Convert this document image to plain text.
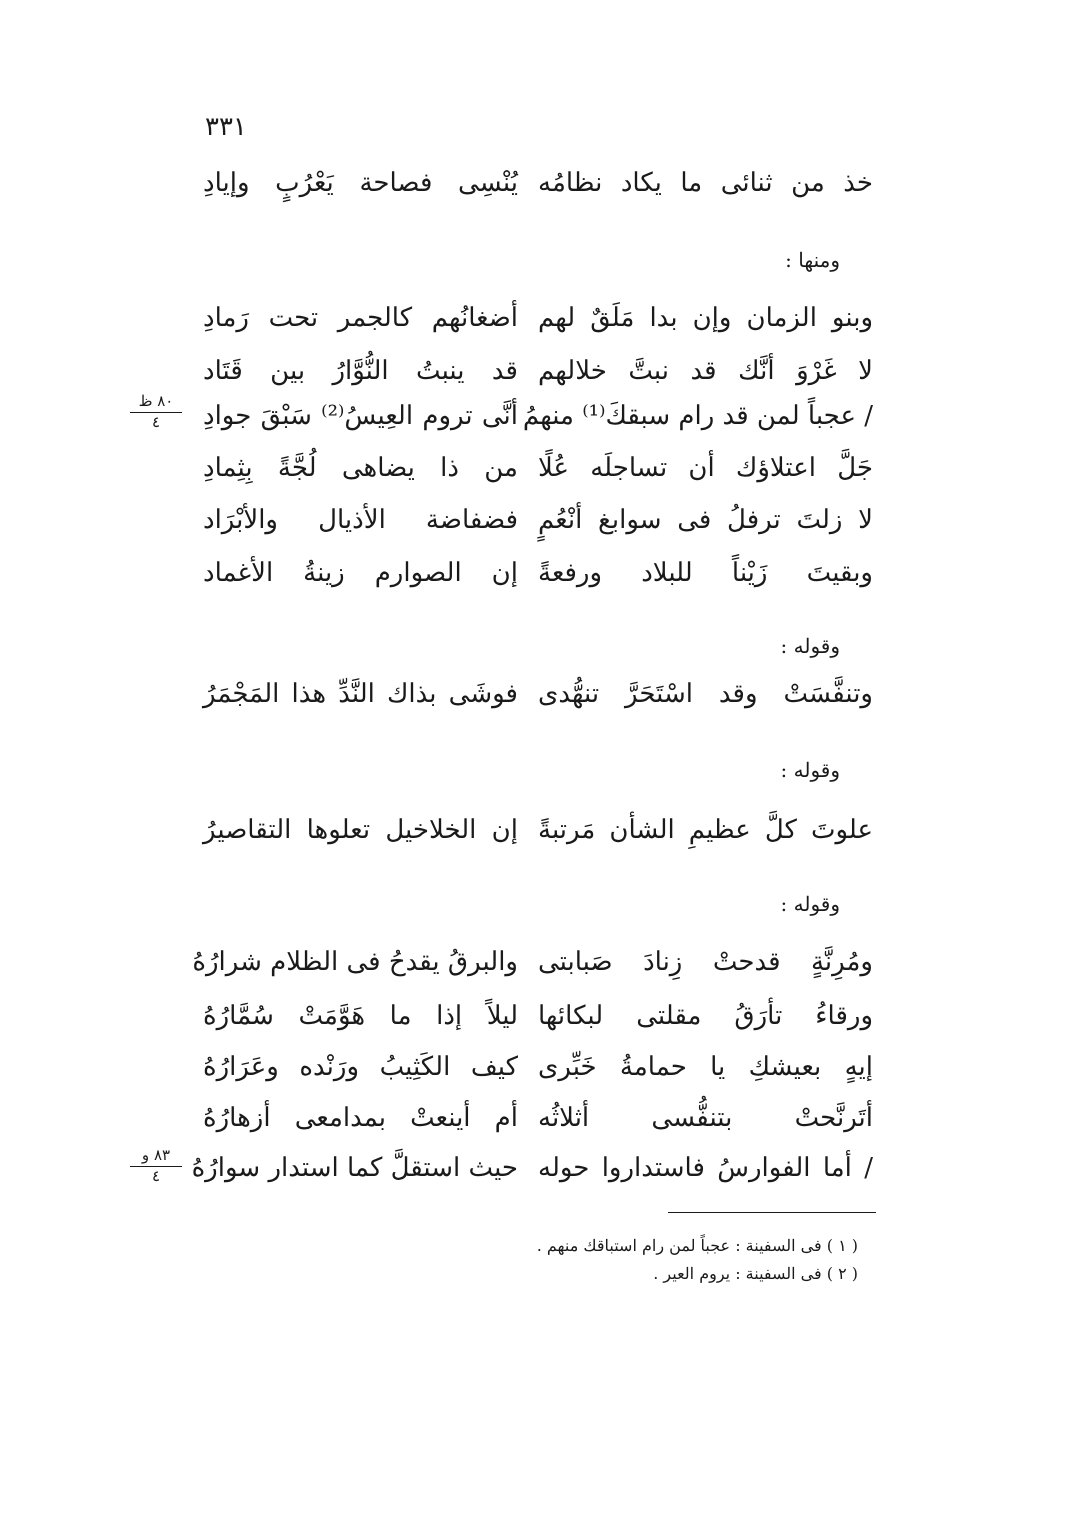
٣٣١
خذ من ثنائى ما يكاد نظامُه
يُنْسِى فصاحة يَعْرُبٍ وإيادِ
ومنها :
وبنو الزمان وإن بدا مَلَقٌ لهم
أضغانُهم كالجمر تحت رَمادِ
لا غَرْوَ أنَّك قد نبتَّ خلالهم
قد ينبتُ النُّوَّارُ بين قَتَاد
/ عجباً لمن قد رام سبقكَ⁽¹⁾ منهمُ
أنَّى تروم العِيسُ⁽²⁾ سَبْقَ جوادِ
٨٠ ظ
٤
جَلَّ اعتلاؤك أن تساجلَه عُلًا
من ذا يضاهى لُجَّةً بِثِمادِ
لا زلتَ ترفلُ فى سوابغ أنْعُمٍ
فضفاضة الأذيال والأبْرَاد
وبقيتَ زَيْناً للبلاد ورفعةً
إن الصوارم زينةُ الأغماد
وقوله :
وتنفَّسَتْ وقد اسْتَحَرَّ تنهُّدى
فوشَى بذاك النَّدِّ هذا المَجْمَرُ
وقوله :
علوتَ كلَّ عظيمِ الشأن مَرتبةً
إن الخلاخيل تعلوها التقاصيرُ
وقوله :
ومُرِنَّةٍ قدحتْ زِنادَ صَبابتى
والبرقُ يقدحُ فى الظلام شرارُهُ
ورقاءُ تأرَقُ مقلتى لبكائها
ليلاً إذا ما هَوَّمَتْ سُمَّارُهُ
إيهٍ بعيشكِ يا حمامةُ خَبِّرى
كيف الكَثِيبُ ورَنْده وعَرَارُهُ
أتَرنَّحتْ بتنفُّسى أثلاثُه
أم أينعتْ بمدامعى أزهارُهُ
/ أما الفوارسُ فاستداروا حوله
حيث استقلَّ كما استدار سوارُهُ
٨٣ و
٤
( ١ ) فى السفينة : عجباً لمن رام استباقك منهم .
( ٢ ) فى السفينة : يروم العير .
